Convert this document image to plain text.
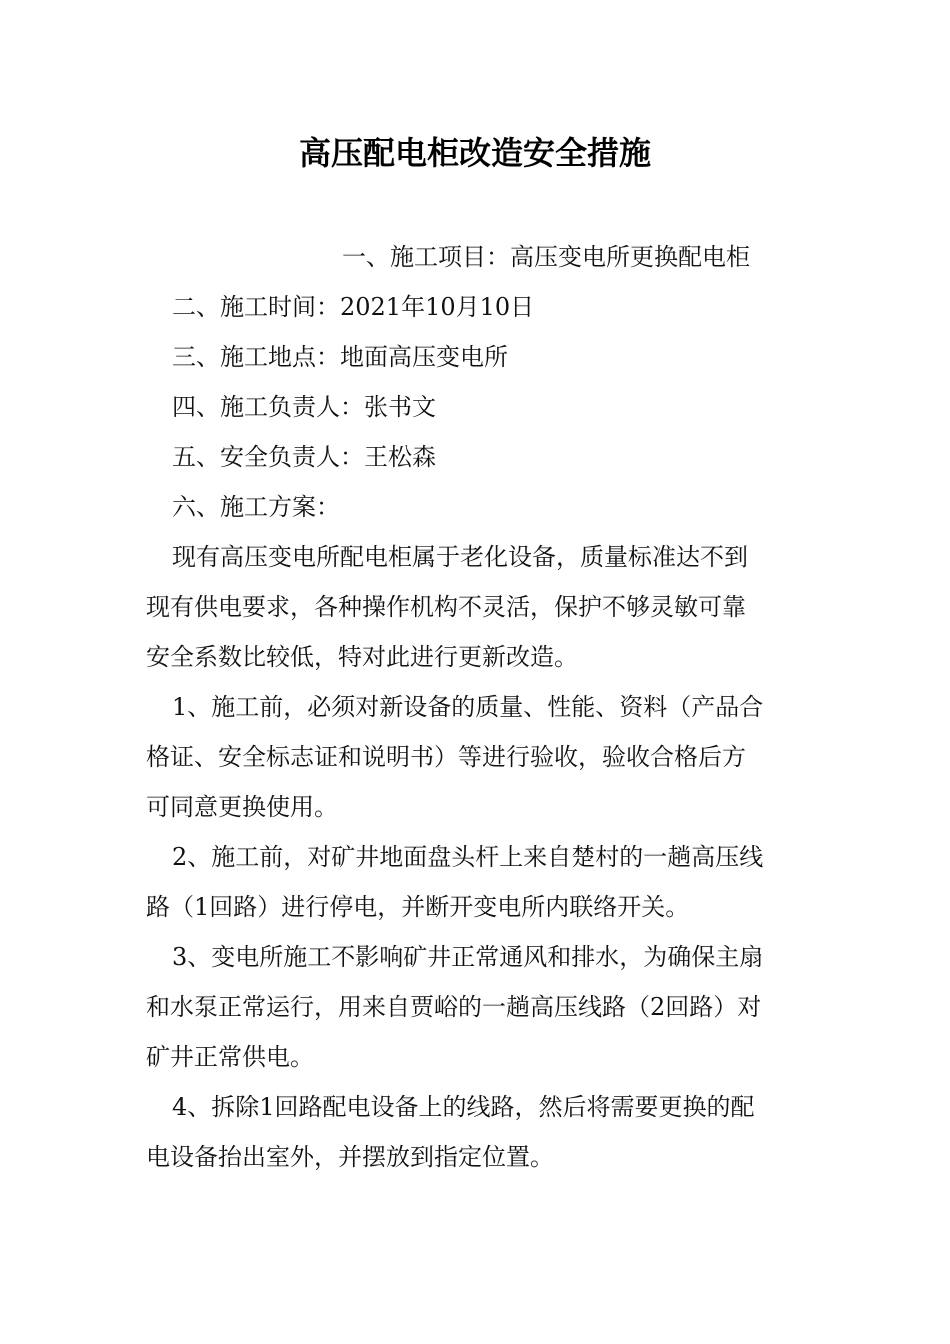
高压配电柜改造安全措施
一、施工项目：高压变电所更换配电柜
二、施工时间：2021年10月10日
三、施工地点：地面高压变电所
四、施工负责人：张书文
五、安全负责人：王松森
六、施工方案：
现有高压变电所配电柜属于老化设备，质量标准达不到
现有供电要求，各种操作机构不灵活，保护不够灵敏可靠
安全系数比较低，特对此进行更新改造。
1、施工前，必须对新设备的质量、性能、资料（产品合
格证、安全标志证和说明书）等进行验收，验收合格后方
可同意更换使用。
2、施工前，对矿井地面盘头杆上来自楚村的一趟高压线
路（1回路）进行停电，并断开变电所内联络开关。
3、变电所施工不影响矿井正常通风和排水，为确保主扇
和水泵正常运行，用来自贾峪的一趟高压线路（2回路）对
矿井正常供电。
4、拆除1回路配电设备上的线路，然后将需要更换的配
电设备抬出室外，并摆放到指定位置。
